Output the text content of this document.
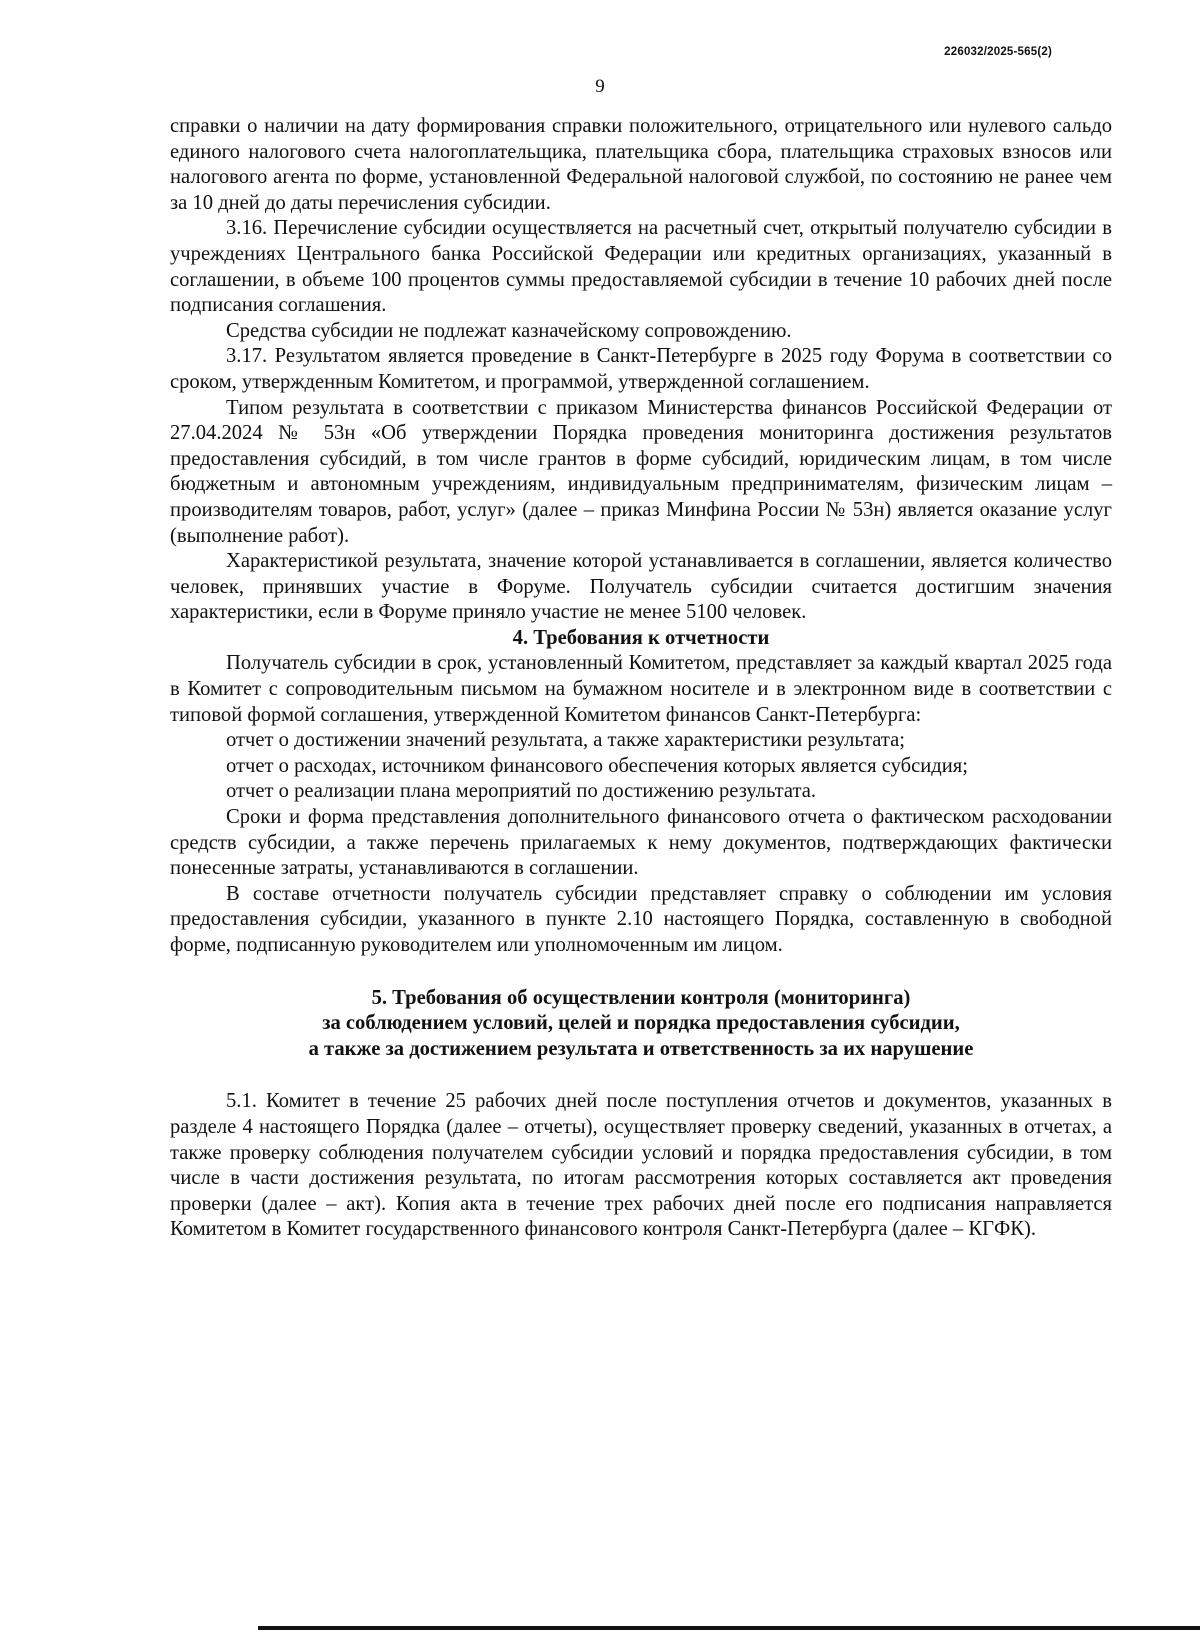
226032/2025-565(2)
9

справки о наличии на дату формирования справки положительного, отрицательного или нулевого сальдо единого налогового счета налогоплательщика, плательщика сбора, плательщика страховых взносов или налогового агента по форме, установленной Федеральной налоговой службой, по состоянию не ранее чем за 10 дней до даты перечисления субсидии.

3.16. Перечисление субсидии осуществляется на расчетный счет, открытый получателю субсидии в учреждениях Центрального банка Российской Федерации или кредитных организациях, указанный в соглашении, в объеме 100 процентов суммы предоставляемой субсидии в течение 10 рабочих дней после подписания соглашения.

Средства субсидии не подлежат казначейскому сопровождению.

3.17. Результатом является проведение в Санкт-Петербурге в 2025 году Форума в соответствии со сроком, утвержденным Комитетом, и программой, утвержденной соглашением.

Типом результата в соответствии с приказом Министерства финансов Российской Федерации от 27.04.2024 № 53н «Об утверждении Порядка проведения мониторинга достижения результатов предоставления субсидий, в том числе грантов в форме субсидий, юридическим лицам, в том числе бюджетным и автономным учреждениям, индивидуальным предпринимателям, физическим лицам – производителям товаров, работ, услуг» (далее – приказ Минфина России № 53н) является оказание услуг (выполнение работ).

Характеристикой результата, значение которой устанавливается в соглашении, является количество человек, принявших участие в Форуме. Получатель субсидии считается достигшим значения характеристики, если в Форуме приняло участие не менее 5100 человек.

4. Требования к отчетности

Получатель субсидии в срок, установленный Комитетом, представляет за каждый квартал 2025 года в Комитет с сопроводительным письмом на бумажном носителе и в электронном виде в соответствии с типовой формой соглашения, утвержденной Комитетом финансов Санкт-Петербурга:

отчет о достижении значений результата, а также характеристики результата;

отчет о расходах, источником финансового обеспечения которых является субсидия;

отчет о реализации плана мероприятий по достижению результата.

Сроки и форма представления дополнительного финансового отчета о фактическом расходовании средств субсидии, а также перечень прилагаемых к нему документов, подтверждающих фактически понесенные затраты, устанавливаются в соглашении.

В составе отчетности получатель субсидии представляет справку о соблюдении им условия предоставления субсидии, указанного в пункте 2.10 настоящего Порядка, составленную в свободной форме, подписанную руководителем или уполномоченным им лицом.

5. Требования об осуществлении контроля (мониторинга)

за соблюдением условий, целей и порядка предоставления субсидии,

а также за достижением результата и ответственность за их нарушение

5.1. Комитет в течение 25 рабочих дней после поступления отчетов и документов, указанных в разделе 4 настоящего Порядка (далее – отчеты), осуществляет проверку сведений, указанных в отчетах, а также проверку соблюдения получателем субсидии условий и порядка предоставления субсидии, в том числе в части достижения результата, по итогам рассмотрения которых составляется акт проведения проверки (далее – акт). Копия акта в течение трех рабочих дней после его подписания направляется Комитетом в Комитет государственного финансового контроля Санкт-Петербурга (далее – КГФК).
